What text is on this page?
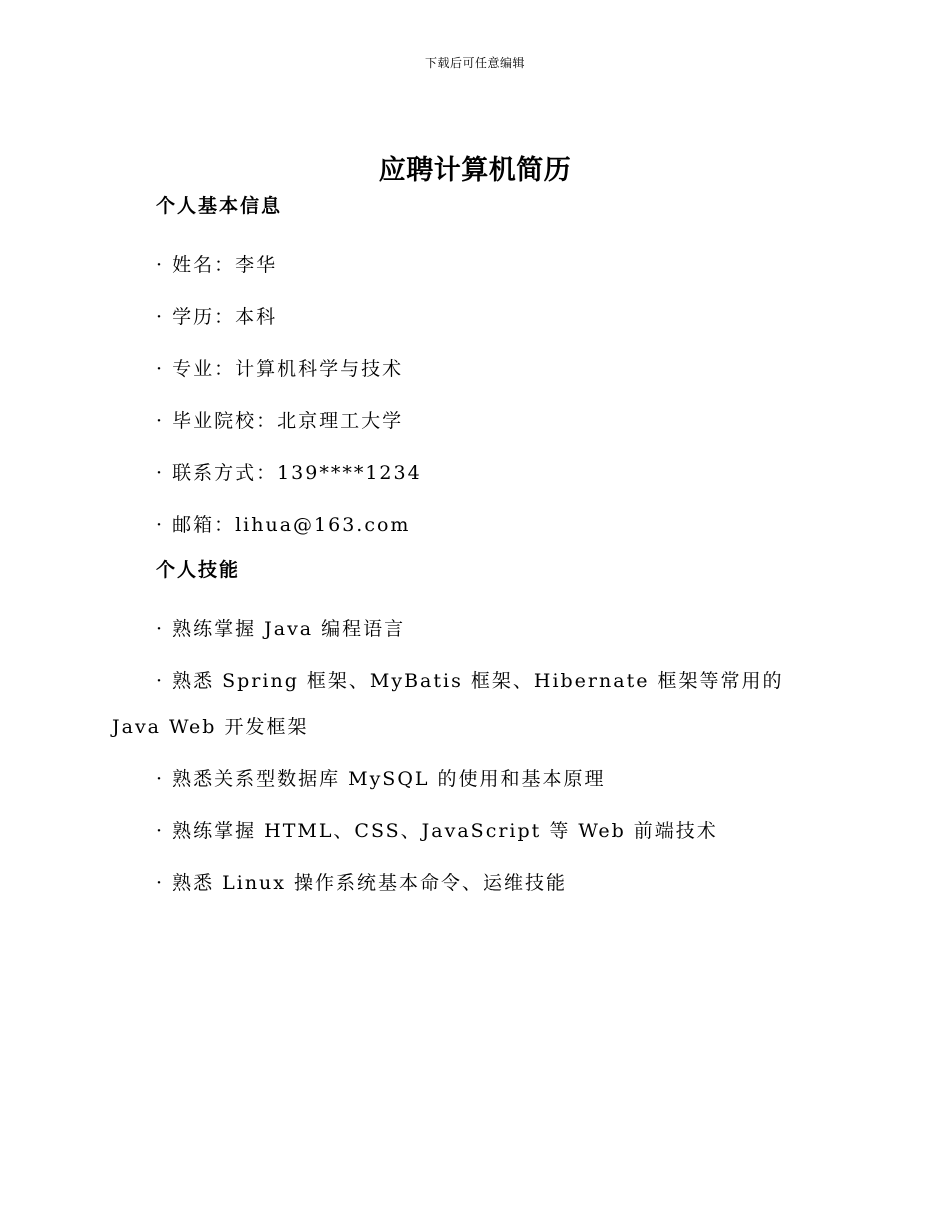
下载后可任意编辑
应聘计算机简历
个人基本信息
· 姓名：李华
· 学历：本科
· 专业：计算机科学与技术
· 毕业院校：北京理工大学
· 联系方式：139****1234
· 邮箱：lihua@163.com
个人技能
· 熟练掌握 Java 编程语言
· 熟悉 Spring 框架、MyBatis 框架、Hibernate 框架等常用的 Java Web 开发框架
· 熟悉关系型数据库 MySQL 的使用和基本原理
· 熟练掌握 HTML、CSS、JavaScript 等 Web 前端技术
· 熟悉 Linux 操作系统基本命令、运维技能
